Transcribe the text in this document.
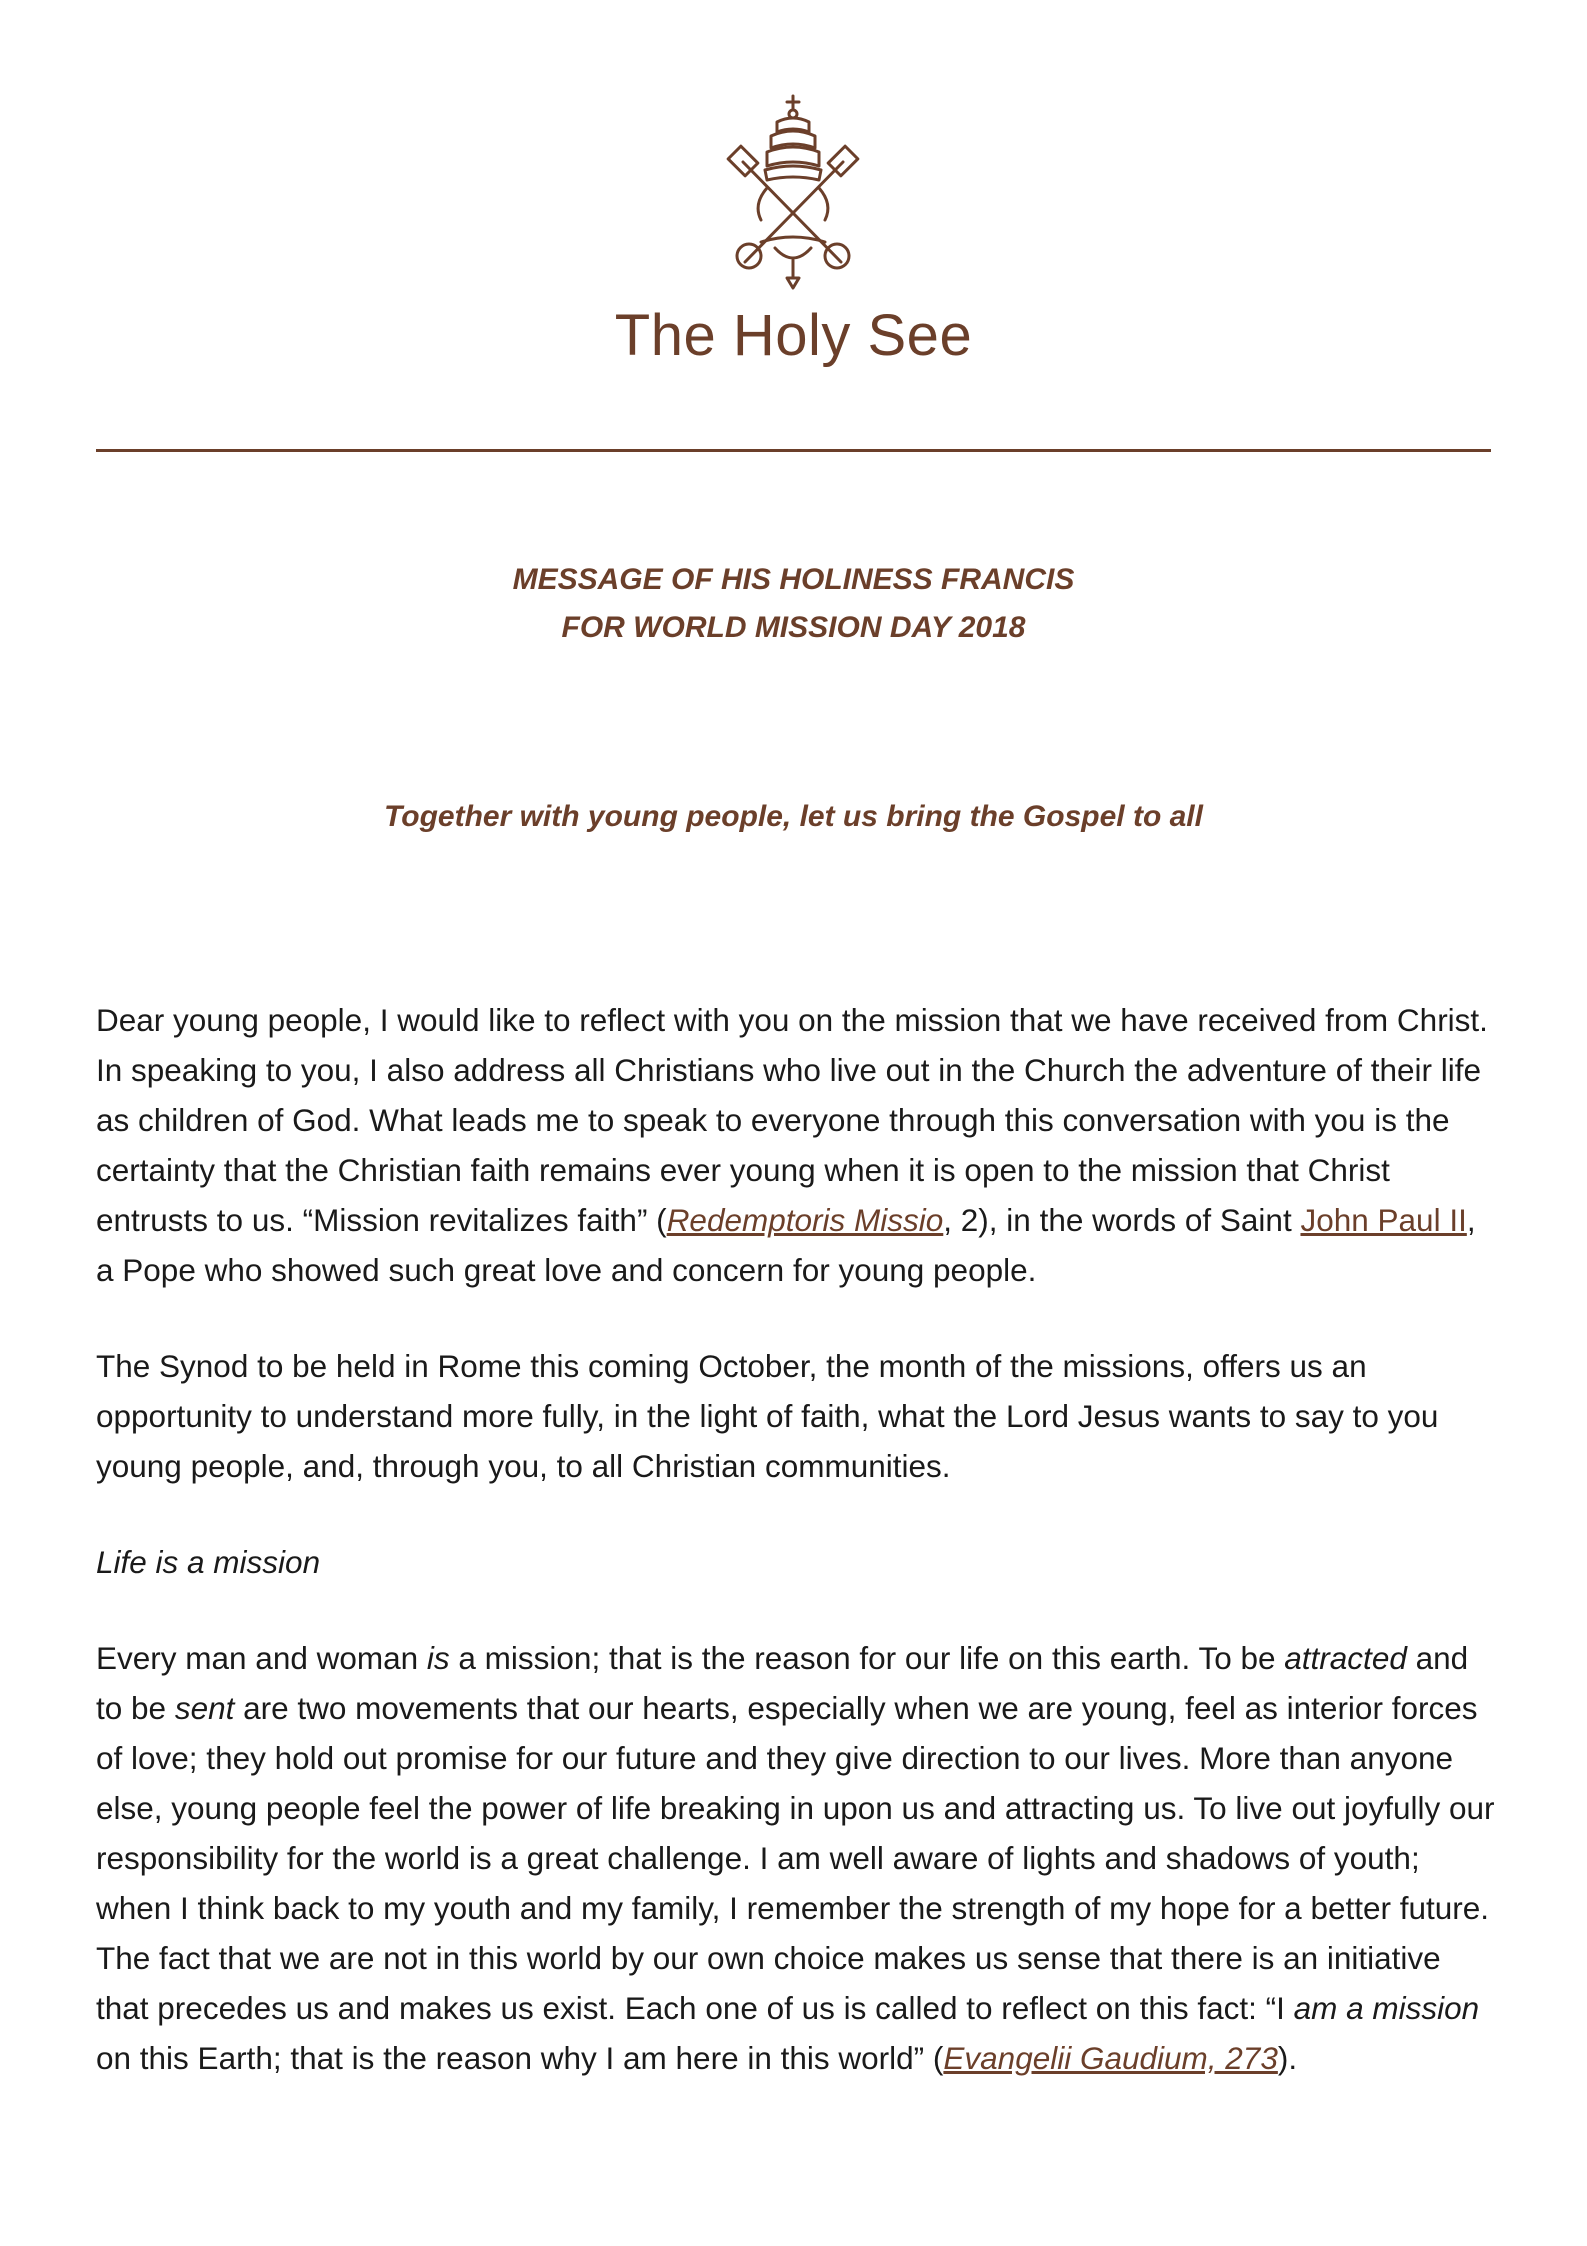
The Holy See
MESSAGE OF HIS HOLINESS FRANCIS
FOR WORLD MISSION DAY 2018
Together with young people, let us bring the Gospel to all

Dear young people, I would like to reflect with you on the mission that we have received from Christ. In speaking to you, I also address all Christians who live out in the Church the adventure of their life as children of God. What leads me to speak to everyone through this conversation with you is the certainty that the Christian faith remains ever young when it is open to the mission that Christ entrusts to us. “Mission revitalizes faith” (Redemptoris Missio, 2), in the words of Saint John Paul II, a Pope who showed such great love and concern for young people.

The Synod to be held in Rome this coming October, the month of the missions, offers us an opportunity to understand more fully, in the light of faith, what the Lord Jesus wants to say to you young people, and, through you, to all Christian communities.

Life is a mission

Every man and woman is a mission; that is the reason for our life on this earth. To be attracted and to be sent are two movements that our hearts, especially when we are young, feel as interior forces of love; they hold out promise for our future and they give direction to our lives. More than anyone else, young people feel the power of life breaking in upon us and attracting us. To live out joyfully our responsibility for the world is a great challenge. I am well aware of lights and shadows of youth; when I think back to my youth and my family, I remember the strength of my hope for a better future. The fact that we are not in this world by our own choice makes us sense that there is an initiative that precedes us and makes us exist. Each one of us is called to reflect on this fact: “I am a mission on this Earth; that is the reason why I am here in this world” (Evangelii Gaudium, 273).
